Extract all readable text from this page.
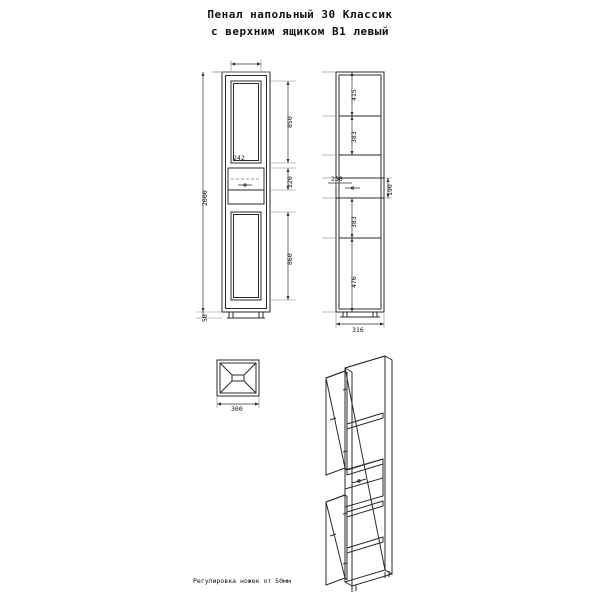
Пенал напольный 30 Классик
с верхним ящиком B1 левый
242
850
220
860
2000
50
415
383
250
190
383
476
316
300
Регулировка ножек от 50мм
